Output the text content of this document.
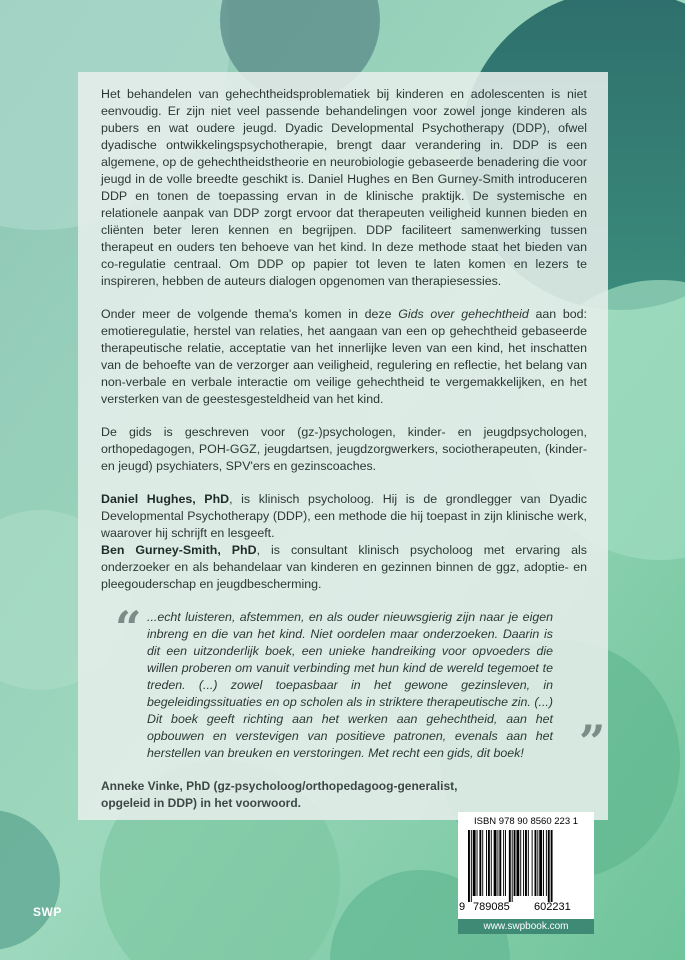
Het behandelen van gehechtheidsproblematiek bij kinderen en adolescenten is niet eenvoudig. Er zijn niet veel passende behandelingen voor zowel jonge kinderen als pubers en wat oudere jeugd. Dyadic Developmental Psychotherapy (DDP), ofwel dyadische ontwikkelingspsychotherapie, brengt daar verandering in. DDP is een algemene, op de gehechtheidstheorie en neurobiologie gebaseerde benadering die voor jeugd in de volle breedte geschikt is. Daniel Hughes en Ben Gurney-Smith introduceren DDP en tonen de toepassing ervan in de klinische praktijk. De systemische en relationele aanpak van DDP zorgt ervoor dat therapeuten veiligheid kunnen bieden en cliënten beter leren kennen en begrijpen. DDP faciliteert samenwerking tussen therapeut en ouders ten behoeve van het kind. In deze methode staat het bieden van co-regulatie centraal. Om DDP op papier tot leven te laten komen en lezers te inspireren, hebben de auteurs dialogen opgenomen van therapiesessies.

Onder meer de volgende thema's komen in deze Gids over gehechtheid aan bod: emotieregulatie, herstel van relaties, het aangaan van een op gehechtheid gebaseerde therapeutische relatie, acceptatie van het innerlijke leven van een kind, het inschatten van de behoefte van de verzorger aan veiligheid, regulering en reflectie, het belang van non-verbale en verbale interactie om veilige gehechtheid te vergemakkelijken, en het versterken van de geestesgesteldheid van het kind.

De gids is geschreven voor (gz-)psychologen, kinder- en jeugdpsychologen, orthopedagogen, POH-GGZ, jeugdartsen, jeugdzorgwerkers, sociotherapeuten, (kinder- en jeugd) psychiaters, SPV'ers en gezinscoaches.

Daniel Hughes, PhD, is klinisch psycholoog. Hij is de grondlegger van Dyadic Developmental Psychotherapy (DDP), een methode die hij toepast in zijn klinische werk, waarover hij schrijft en lesgeeft.

Ben Gurney-Smith, PhD, is consultant klinisch psycholoog met ervaring als onderzoeker en als behandelaar van kinderen en gezinnen binnen de ggz, adoptie- en pleegouderschap en jeugdbescherming.

“ ...echt luisteren, afstemmen, en als ouder nieuwsgierig zijn naar je eigen inbreng en die van het kind. Niet oordelen maar onderzoeken. Daarin is dit een uitzonderlijk boek, een unieke handreiking voor opvoeders die willen proberen om vanuit verbinding met hun kind de wereld tegemoet te treden. (...) zowel toepasbaar in het gewone gezinsleven, in begeleidingssituaties en op scholen als in striktere therapeutische zin. (...) Dit boek geeft richting aan het werken aan gehechtheid, aan het opbouwen en verstevigen van positieve patronen, evenals aan het herstellen van breuken en verstoringen. Met recht een gids, dit boek!	”

Anneke Vinke, PhD (gz-psycholoog/orthopedagoog-generalist,
opgeleid in DDP) in het voorwoord.

SWP
ISBN 978 90 8560 223 1
9 789085 602231
www.swpbook.com
